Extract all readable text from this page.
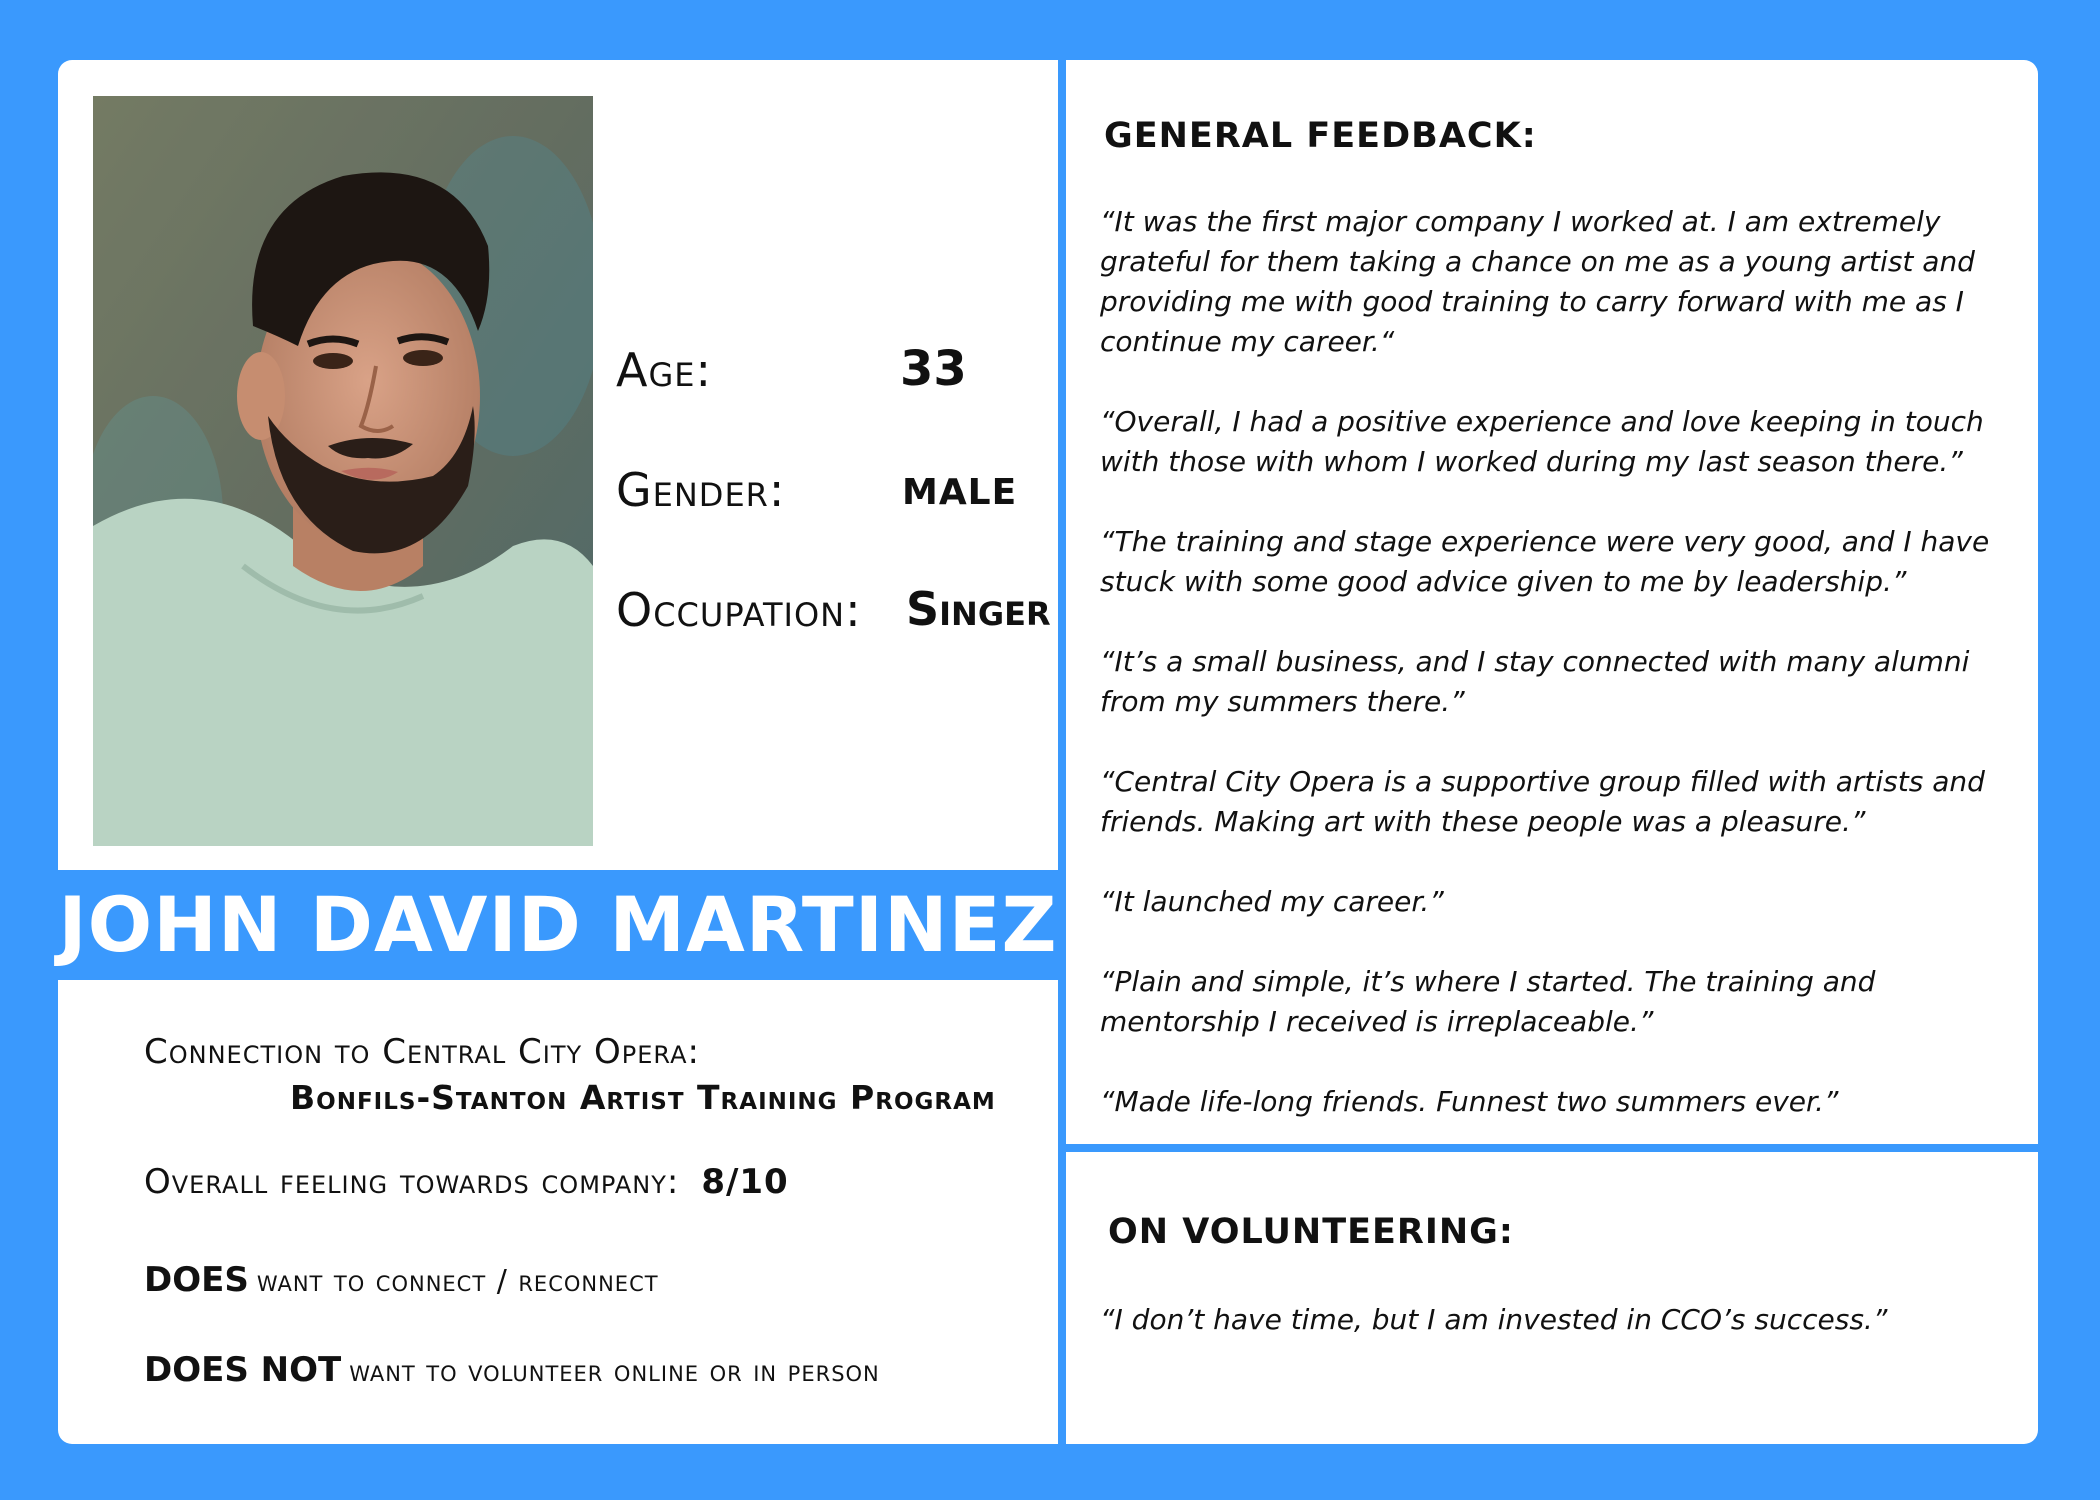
Age:	33
Gender:	MALE
Occupation: Singer
JOHN DAVID MARTINEZ
Connection to Central City Opera:
Bonfils-Stanton Artist Training Program
Overall feeling towards company: 8/10
DOES want to connect / reconnect
DOES NOT want to volunteer online or in person
GENERAL FEEDBACK:
“It was the first major company I worked at. I am extremely grateful for them taking a chance on me as a young artist and providing me with good training to carry forward with me as I continue my career.“
“Overall, I had a positive experience and love keeping in touch with those with whom I worked during my last season there.”
“The training and stage experience were very good, and I have stuck with some good advice given to me by leadership.”
“It’s a small business, and I stay connected with many alumni from my summers there.”
“Central City Opera is a supportive group filled with artists and friends. Making art with these people was a pleasure.”
“It launched my career.”
“Plain and simple, it’s where I started. The training and mentorship I received is irreplaceable.”
“Made life-long friends. Funnest two summers ever.”
ON VOLUNTEERING:
“I don’t have time, but I am invested in CCO’s success.”
